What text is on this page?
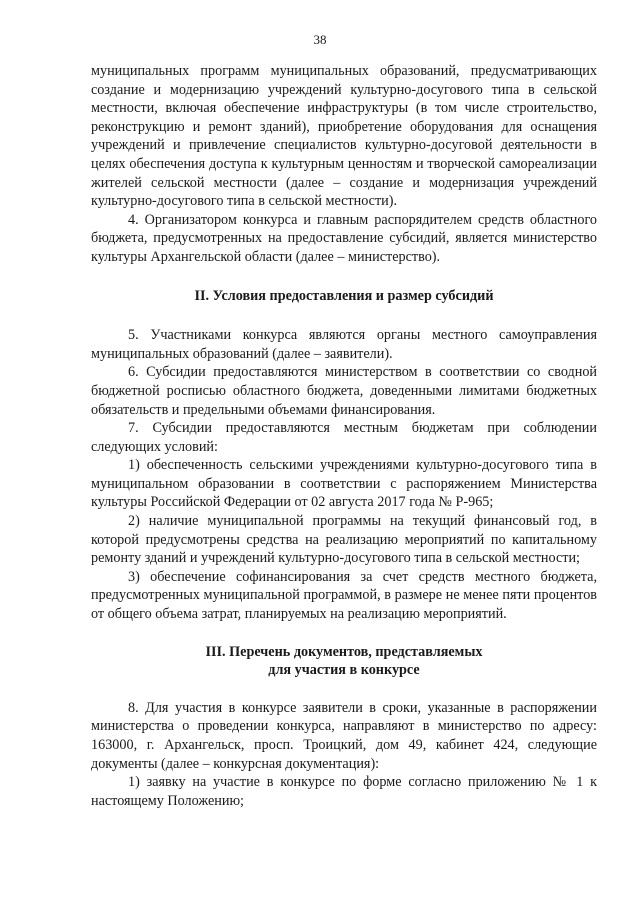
38

муниципальных программ муниципальных образований, предусматривающих создание и модернизацию учреждений культурно-досугового типа в сельской местности, включая обеспечение инфраструктуры (в том числе строительство, реконструкцию и ремонт зданий), приобретение оборудования для оснащения учреждений и привлечение специалистов культурно-досуговой деятельности в целях обеспечения доступа к культурным ценностям и творческой самореализации жителей сельской местности (далее – создание и модернизация учреждений культурно-досугового типа в сельской местности).

4. Организатором конкурса и главным распорядителем средств областного бюджета, предусмотренных на предоставление субсидий, является министерство культуры Архангельской области (далее – министерство).

II. Условия предоставления и размер субсидий

5. Участниками конкурса являются органы местного самоуправления муниципальных образований (далее – заявители).

6. Субсидии предоставляются министерством в соответствии со сводной бюджетной росписью областного бюджета, доведенными лимитами бюджетных обязательств и предельными объемами финансирования.

7. Субсидии предоставляются местным бюджетам при соблюдении следующих условий:

1) обеспеченность сельскими учреждениями культурно-досугового типа в муниципальном образовании в соответствии с распоряжением Министерства культуры Российской Федерации от 02 августа 2017 года № Р-965;

2) наличие муниципальной программы на текущий финансовый год, в которой предусмотрены средства на реализацию мероприятий по капитальному ремонту зданий и учреждений культурно-досугового типа в сельской местности;

3) обеспечение софинансирования за счет средств местного бюджета, предусмотренных муниципальной программой, в размере не менее пяти процентов от общего объема затрат, планируемых на реализацию мероприятий.

III. Перечень документов, представляемых

для участия в конкурсе

8. Для участия в конкурсе заявители в сроки, указанные в распоряжении министерства о проведении конкурса, направляют в министерство по адресу: 163000, г. Архангельск, просп. Троицкий, дом 49, кабинет 424, следующие документы (далее – конкурсная документация):

1) заявку на участие в конкурсе по форме согласно приложению № 1 к настоящему Положению;
